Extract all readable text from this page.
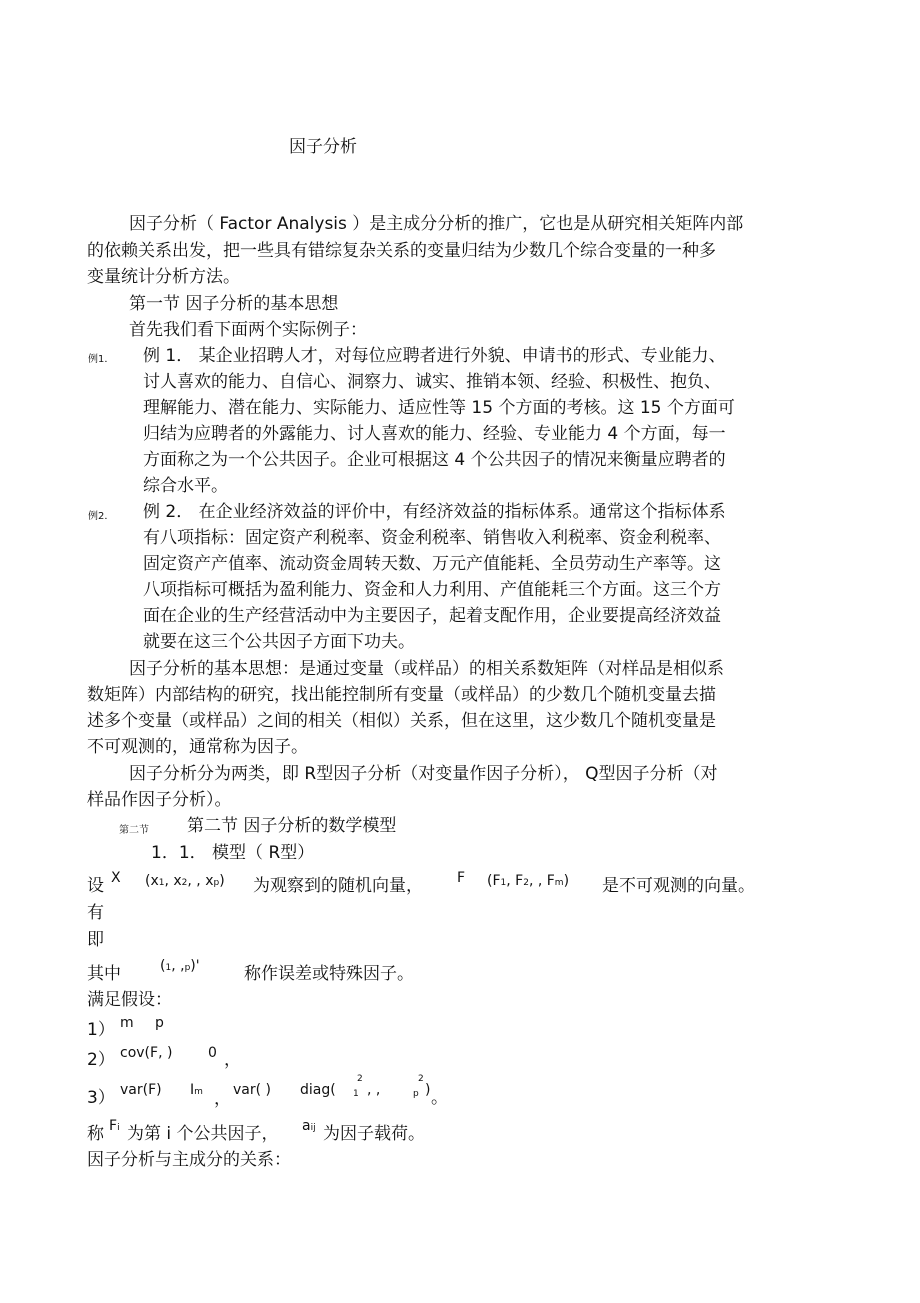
因子分析
因子分析（ Factor Analysis ）是主成分分析的推广，它也是从研究相关矩阵内部
的依赖关系出发，把一些具有错综复杂关系的变量归结为少数几个综合变量的一种多
变量统计分析方法。
第一节 因子分析的基本思想
首先我们看下面两个实际例子：
例1． 例 1． 某企业招聘人才，对每位应聘者进行外貌、申请书的形式、专业能力、
讨人喜欢的能力、自信心、洞察力、诚实、推销本领、经验、积极性、抱负、
理解能力、潜在能力、实际能力、适应性等 15 个方面的考核。这 15 个方面可
归结为应聘者的外露能力、讨人喜欢的能力、经验、专业能力 4 个方面，每一
方面称之为一个公共因子。企业可根据这 4 个公共因子的情况来衡量应聘者的
综合水平。
例2． 例 2． 在企业经济效益的评价中，有经济效益的指标体系。通常这个指标体系
有八项指标：固定资产利税率、资金利税率、销售收入利税率、资金利税率、
固定资产产值率、流动资金周转天数、万元产值能耗、全员劳动生产率等。这
八项指标可概括为盈利能力、资金和人力利用、产值能耗三个方面。这三个方
面在企业的生产经营活动中为主要因子，起着支配作用，企业要提高经济效益
就要在这三个公共因子方面下功夫。
因子分析的基本思想：是通过变量（或样品）的相关系数矩阵（对样品是相似系
数矩阵）内部结构的研究，找出能控制所有变量（或样品）的少数几个随机变量去描
述多个变量（或样品）之间的相关（相似）关系，但在这里，这少数几个随机变量是
不可观测的，通常称为因子。
因子分析分为两类，即 R型因子分析（对变量作因子分析）， Q型因子分析（对
样品作因子分析）。
第二节 第二节 因子分析的数学模型
1．1． 模型（ R型）
设 X (x1, x2, , xp) 为观察到的随机向量， F (F1, F2, , Fm) 是不可观测的向量。
有
即
其中	(1, ,p)'	称作误差或特殊因子。
满足假设：
1） m p
2） cov(F, )	0 ，
3） var(F) Im ， var( ) diag(
2
1 , ,
2
p ) 。
称 Fi 为第 i 个公共因子， aij 为因子载荷。
因子分析与主成分的关系：
